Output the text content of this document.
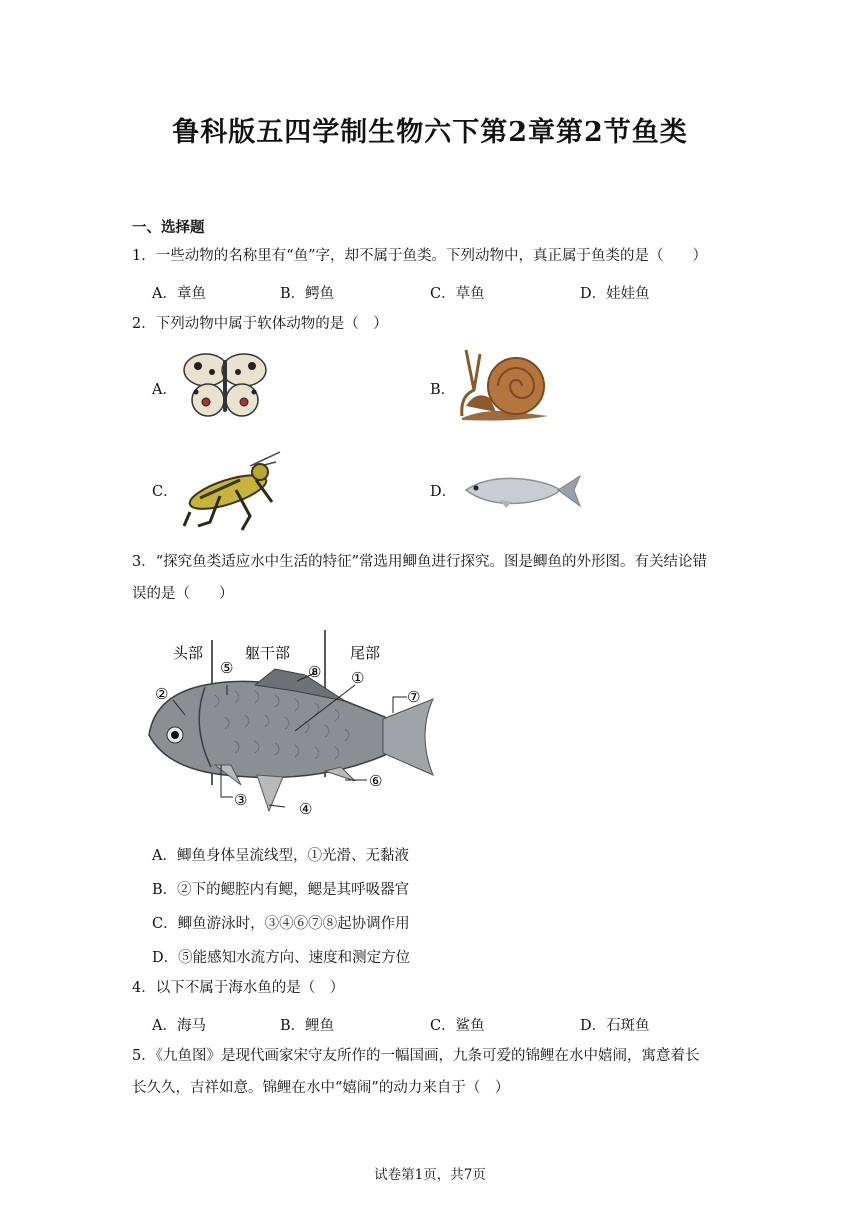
鲁科版五四学制生物六下第2章第2节鱼类
一、选择题
1．一些动物的名称里有“鱼”字，却不属于鱼类。下列动物中，真正属于鱼类的是（　　）
A．章鱼	B．鳄鱼	C．草鱼	D．娃娃鱼
2．下列动物中属于软体动物的是（　）
A．	B．
C．	D．
3．“探究鱼类适应水中生活的特征”常选用鲫鱼进行探究。图是鲫鱼的外形图。有关结论错
误的是（　　）
头部	躯干部	尾部
①
②
③	④
⑤
⑥
⑦
⑧
A．鲫鱼身体呈流线型，①光滑、无黏液
B．②下的鳃腔内有鳃，鳃是其呼吸器官
C．鲫鱼游泳时，③④⑥⑦⑧起协调作用
D．⑤能感知水流方向、速度和测定方位
4．以下不属于海水鱼的是（　）
A．海马	B．鲤鱼	C．鲨鱼	D．石斑鱼
5．《九鱼图》是现代画家宋守友所作的一幅国画，九条可爱的锦鲤在水中嬉闹，寓意着长
长久久，吉祥如意。锦鲤在水中“嬉闹”的动力来自于（　）
试卷第1页，共7页
